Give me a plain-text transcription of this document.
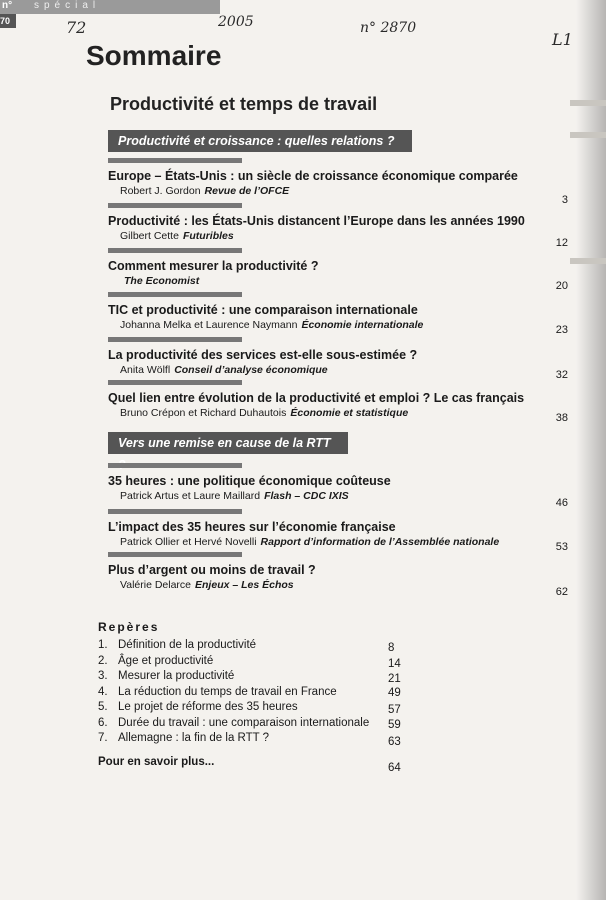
n° spécial
70	72	2005	n° 2870
L1
Sommaire
Productivité et temps de travail
Productivité et croissance : quelles relations ?
Europe – États-Unis : un siècle de croissance économique comparée
Robert J. Gordon Revue de l’OFCE
3
Productivité : les États-Unis distancent l’Europe dans les années 1990
Gilbert Cette Futuribles
12
Comment mesurer la productivité ?
The Economist	20
TIC et productivité : une comparaison internationale
Johanna Melka et Laurence Naymann Économie internationale	23
La productivité des services est-elle sous-estimée ?
Anita Wölfl Conseil d’analyse économique	32
Quel lien entre évolution de la productivité et emploi ? Le cas français
Bruno Crépon et Richard Duhautois Économie et statistique	38
Vers une remise en cause de la RTT
35 heures : une politique économique coûteuse
Patrick Artus et Laure Maillard Flash – CDC IXIS
46
L’impact des 35 heures sur l’économie française
Patrick Ollier et Hervé Novelli Rapport d’information de l’Assemblée nationale	53
Plus d’argent ou moins de travail ?
Valérie Delarce Enjeux – Les Échos
62
Repères
1. Définition de la productivité	8
2. Âge et productivité	14
3. Mesurer la productivité	21
4. La réduction du temps de travail en France	49
5. Le projet de réforme des 35 heures	57
6. Durée du travail : une comparaison internationale 59
7. Allemagne : la fin de la RTT ?	63
Pour en savoir plus...	64
